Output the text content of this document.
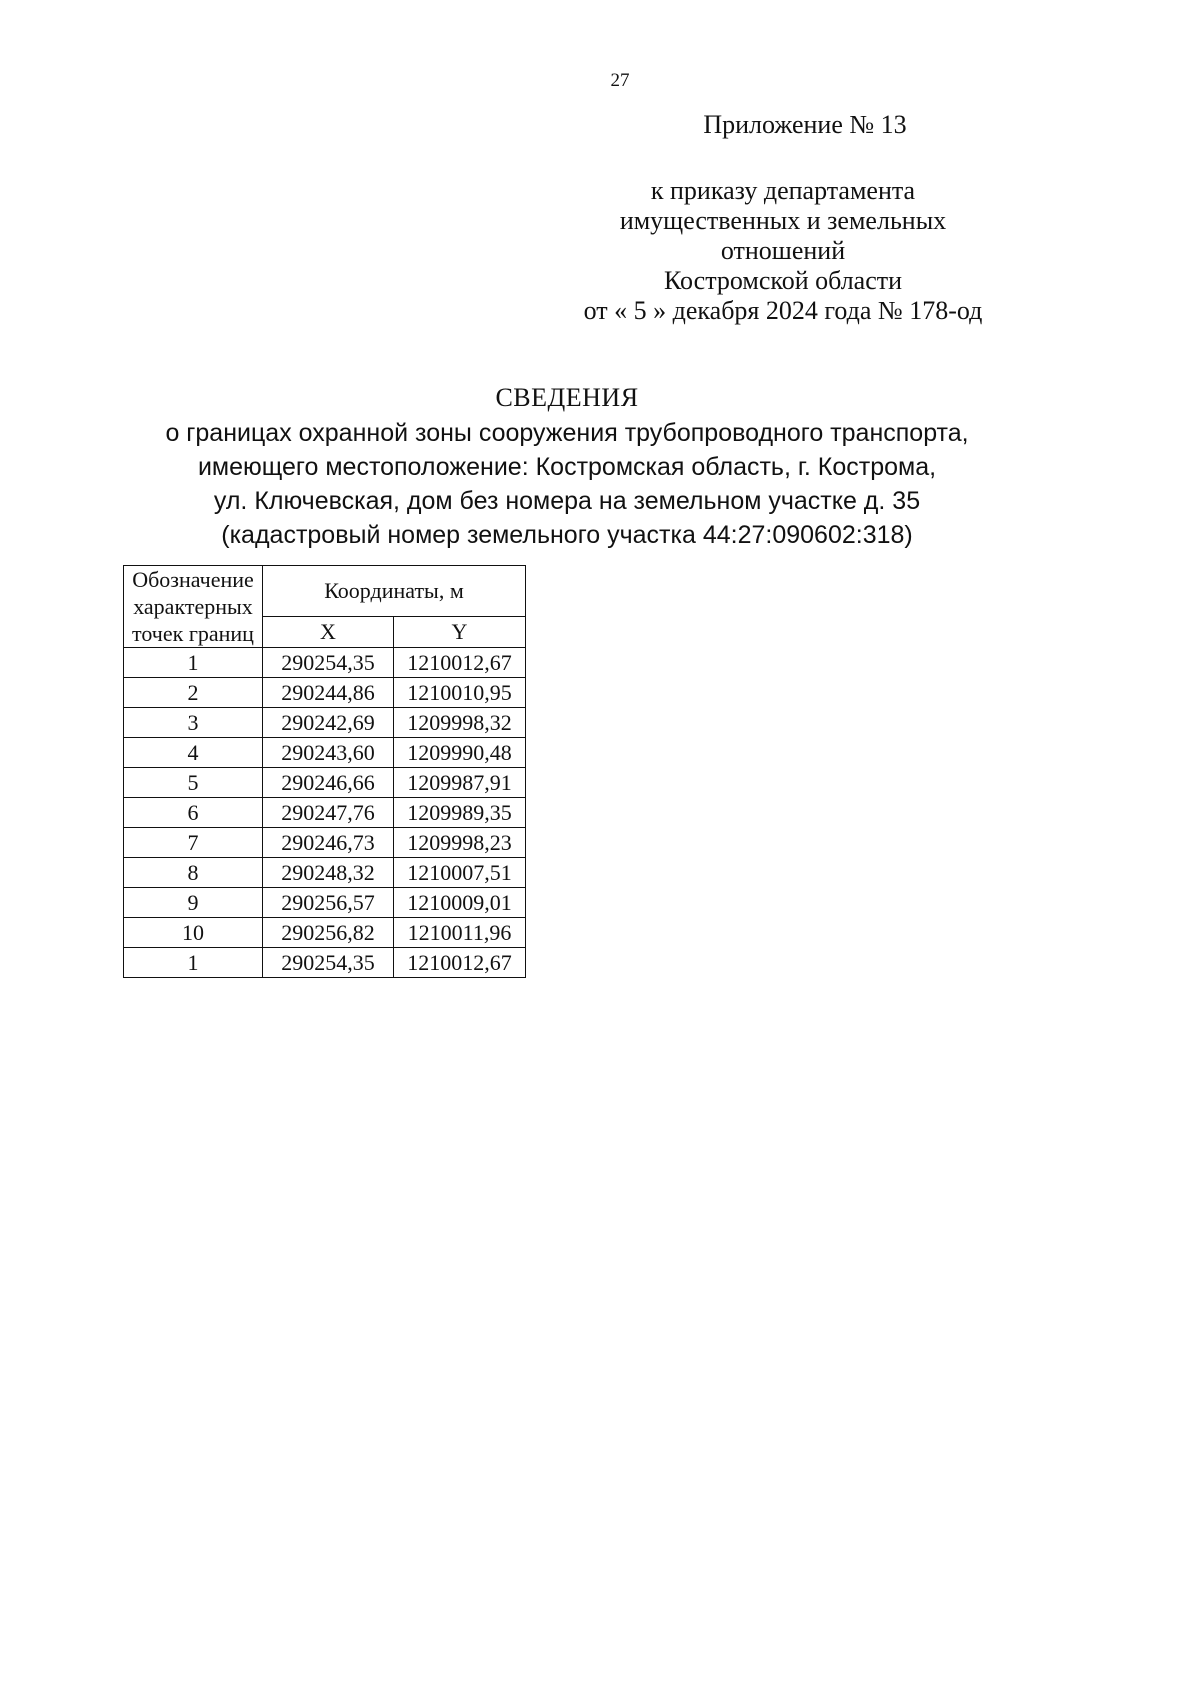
27
Приложение № 13
к приказу департамента
имущественных и земельных
отношений
Костромской области
от « 5 » декабря 2024 года № 178-од
СВЕДЕНИЯ
о границах охранной зоны сооружения трубопроводного транспорта,
имеющего местоположение: Костромская область, г. Кострома,
ул. Ключевская, дом без номера на земельном участке д. 35
(кадастровый номер земельного участка 44:27:090602:318)
Обозначение
характерных
точек границ	Координаты, м	
	X	Y
1	290254,35	1210012,67
2	290244,86	1210010,95
3	290242,69	1209998,32
4	290243,60	1209990,48
5	290246,66	1209987,91
6	290247,76	1209989,35
7	290246,73	1209998,23
8	290248,32	1210007,51
9	290256,57	1210009,01
10	290256,82	1210011,96
1	290254,35	1210012,67
